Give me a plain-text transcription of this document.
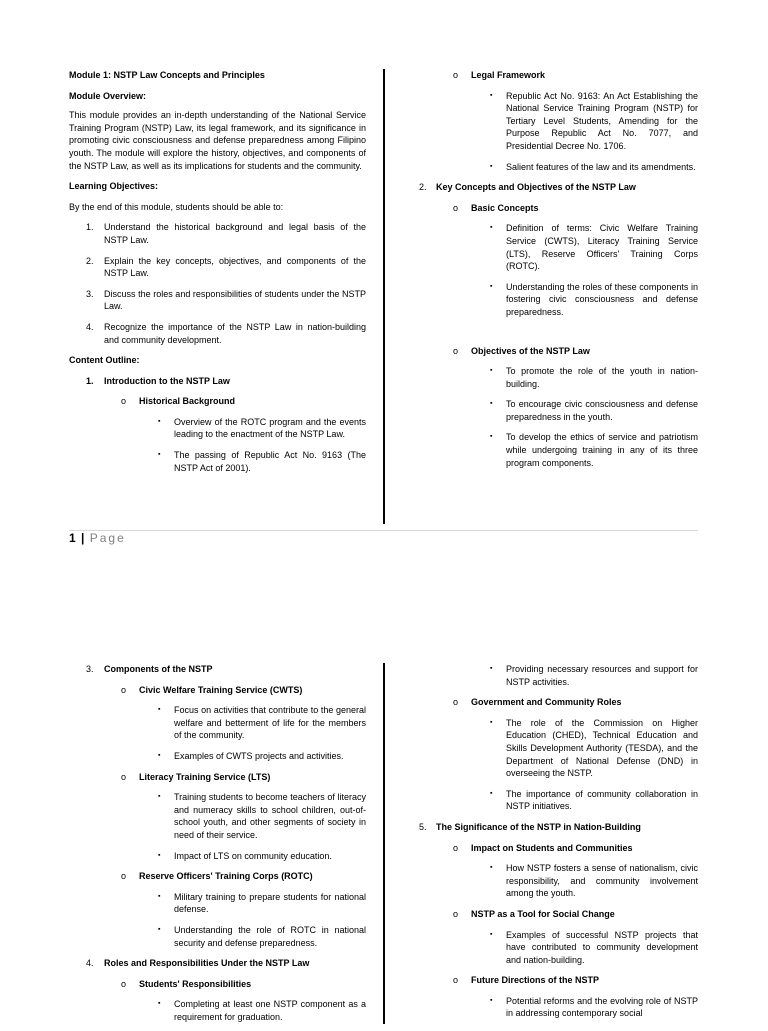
Module 1: NSTP Law Concepts and Principles

Module Overview:

This module provides an in-depth understanding of the National Service Training Program (NSTP) Law, its legal framework, and its significance in promoting civic consciousness and defense preparedness among Filipino youth. The module will explore the history, objectives, and components of the NSTP Law, as well as its implications for students and the community.

Learning Objectives:

By the end of this module, students should be able to:

1. Understand the historical background and legal basis of the NSTP Law.
2. Explain the key concepts, objectives, and components of the NSTP Law.
3. Discuss the roles and responsibilities of students under the NSTP Law.
4. Recognize the importance of the NSTP Law in nation-building and community development.

Content Outline:

1. Introduction to the NSTP Law
o Historical Background
▪ Overview of the ROTC program and the events leading to the enactment of the NSTP Law.
▪ The passing of Republic Act No. 9163 (The NSTP Act of 2001).
o Legal Framework
▪ Republic Act No. 9163: An Act Establishing the National Service Training Program (NSTP) for Tertiary Level Students, Amending for the Purpose Republic Act No. 7077, and Presidential Decree No. 1706.
▪ Salient features of the law and its amendments.
2. Key Concepts and Objectives of the NSTP Law
o Basic Concepts
▪ Definition of terms: Civic Welfare Training Service (CWTS), Literacy Training Service (LTS), Reserve Officers' Training Corps (ROTC).
▪ Understanding the roles of these components in fostering civic consciousness and defense preparedness.
o Objectives of the NSTP Law
▪ To promote the role of the youth in nation-building.
▪ To encourage civic consciousness and defense preparedness in the youth.
▪ To develop the ethics of service and patriotism while undergoing training in any of its three program components.
1 | Page
3. Components of the NSTP
o Civic Welfare Training Service (CWTS)
▪ Focus on activities that contribute to the general welfare and betterment of life for the members of the community.
▪ Examples of CWTS projects and activities.
o Literacy Training Service (LTS)
▪ Training students to become teachers of literacy and numeracy skills to school children, out-of-school youth, and other segments of society in need of their service.
▪ Impact of LTS on community education.
o Reserve Officers' Training Corps (ROTC)
▪ Military training to prepare students for national defense.
▪ Understanding the role of ROTC in national security and defense preparedness.
4. Roles and Responsibilities Under the NSTP Law
o Students' Responsibilities
▪ Completing at least one NSTP component as a requirement for graduation.
▪ Providing necessary resources and support for NSTP activities.
o Government and Community Roles
▪ The role of the Commission on Higher Education (CHED), Technical Education and Skills Development Authority (TESDA), and the Department of National Defense (DND) in overseeing the NSTP.
▪ The importance of community collaboration in NSTP initiatives.
5. The Significance of the NSTP in Nation-Building
o Impact on Students and Communities
▪ How NSTP fosters a sense of nationalism, civic responsibility, and community involvement among the youth.
o NSTP as a Tool for Social Change
▪ Examples of successful NSTP projects that have contributed to community development and nation-building.
o Future Directions of the NSTP
▪ Potential reforms and the evolving role of NSTP in addressing contemporary social
